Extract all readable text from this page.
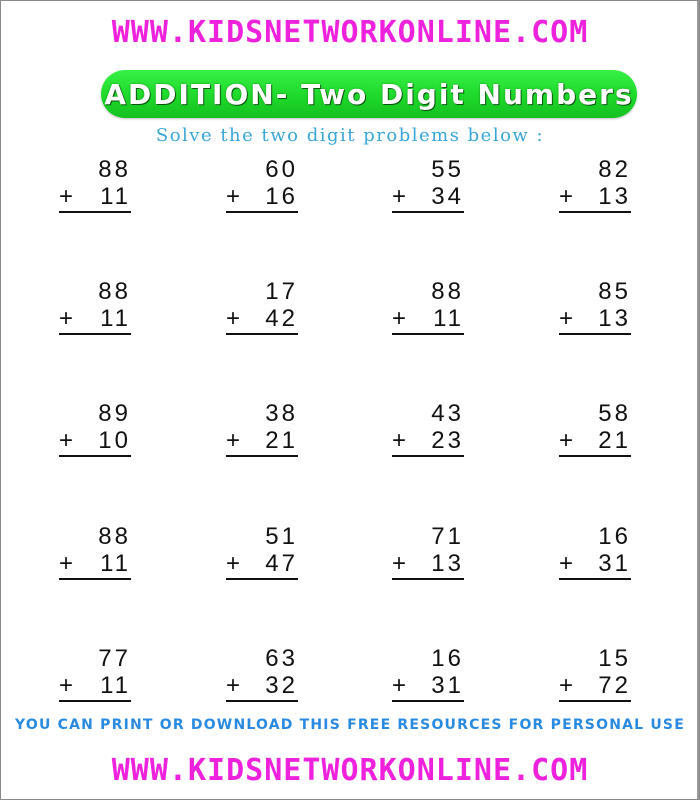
WWW.KIDSNETWORKONLINE.COM
ADDITION- Two Digit Numbers
Solve the two digit problems below :
88
+ 11
60
+ 16
55
+ 34
82
+ 13
88
+ 11
17
+ 42
88
+ 11
85
+ 13
89
+ 10
38
+ 21
43
+ 23
58
+ 21
88
+ 11
51
+ 47
71
+ 13
16
+ 31
77
+ 11
63
+ 32
16
+ 31
15
+ 72
YOU CAN PRINT OR DOWNLOAD THIS FREE RESOURCES FOR PERSONAL USE
WWW.KIDSNETWORKONLINE.COM
